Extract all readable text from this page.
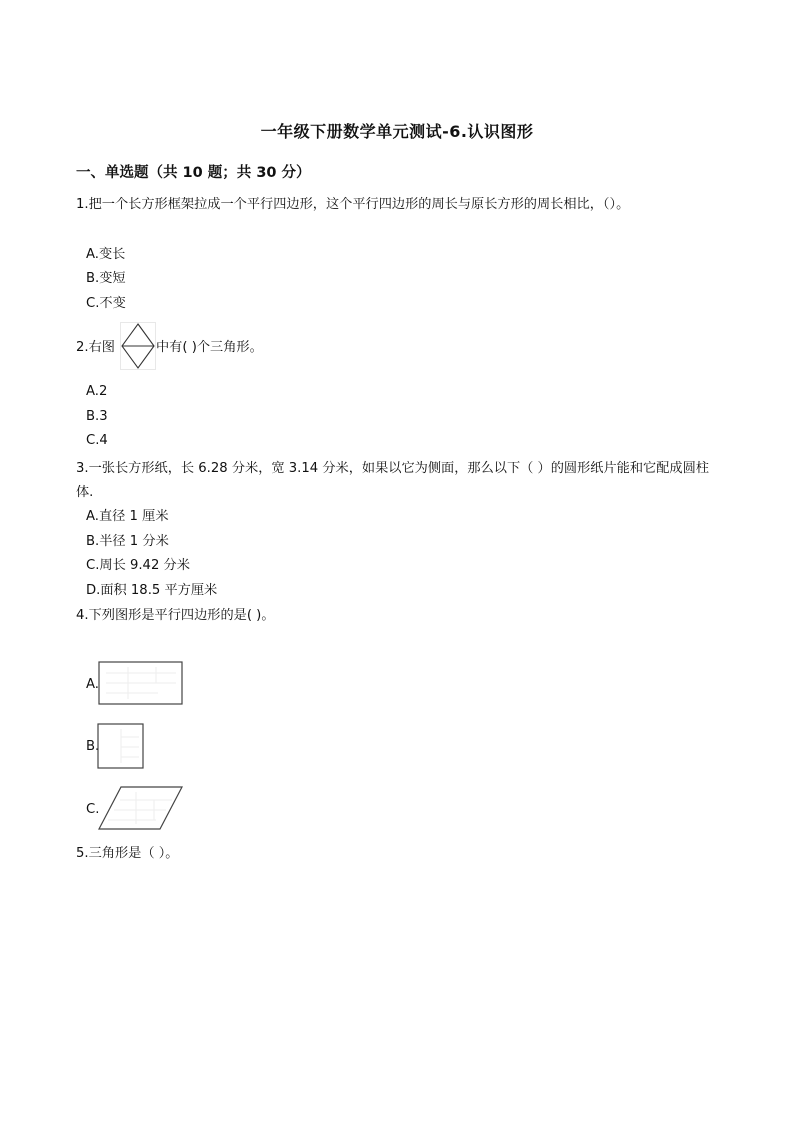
一年级下册数学单元测试-6.认识图形
一、单选题（共 10 题；共 30 分）
1.把一个长方形框架拉成一个平行四边形，这个平行四边形的周长与原长方形的周长相比，（）。
A.变长
B.变短
C.不变
2.右图	中有( )个三角形。
A.2
B.3
C.4
3.一张长方形纸，长 6.28 分米，宽 3.14 分米，如果以它为侧面，那么以下（ ）的圆形纸片能和它配成圆柱体.
A.直径 1 厘米
B.半径 1 分米
C.周长 9.42 分米
D.面积 18.5 平方厘米
4.下列图形是平行四边形的是( )。
A.
B.
C.
5.三角形是（ ）。
